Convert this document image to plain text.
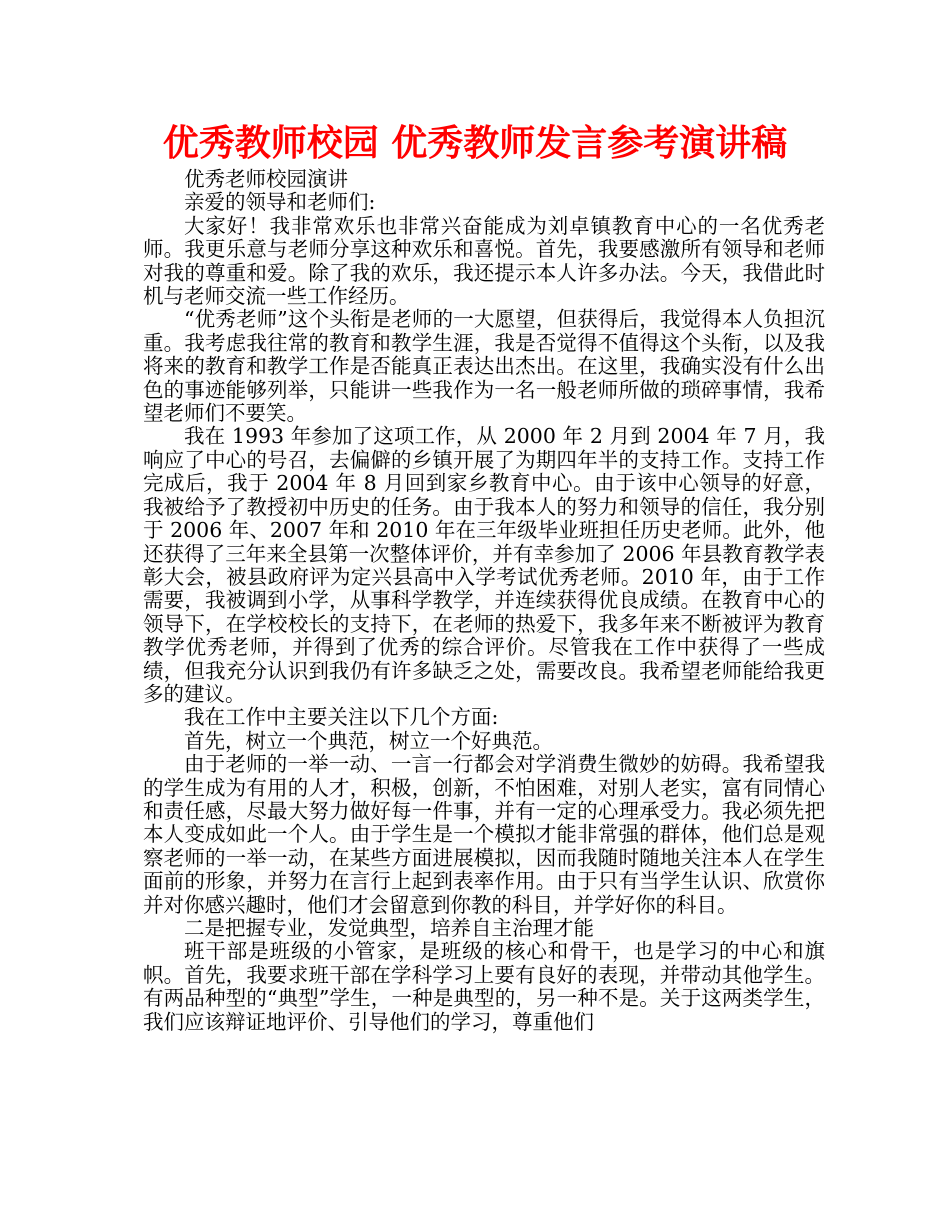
优秀教师校园 优秀教师发言参考演讲稿

优秀老师校园演讲

亲爱的领导和老师们:

大家好！我非常欢乐也非常兴奋能成为刘卓镇教育中心的一名优秀老师。我更乐意与老师分享这种欢乐和喜悦。首先，我要感激所有领导和老师对我的尊重和爱。除了我的欢乐，我还提示本人许多办法。今天，我借此时机与老师交流一些工作经历。

“优秀老师”这个头衔是老师的一大愿望，但获得后，我觉得本人负担沉重。我考虑我往常的教育和教学生涯，我是否觉得不值得这个头衔，以及我将来的教育和教学工作是否能真正表达出杰出。在这里，我确实没有什么出色的事迹能够列举，只能讲一些我作为一名一般老师所做的琐碎事情，我希望老师们不要笑。

我在 1993 年参加了这项工作，从 2000 年 2 月到 2004 年 7 月，我响应了中心的号召，去偏僻的乡镇开展了为期四年半的支持工作。支持工作完成后，我于 2004 年 8 月回到家乡教育中心。由于该中心领导的好意，我被给予了教授初中历史的任务。由于我本人的努力和领导的信任，我分别于 2006 年、2007 年和 2010 年在三年级毕业班担任历史老师。此外，他还获得了三年来全县第一次整体评价，并有幸参加了 2006 年县教育教学表彰大会，被县政府评为定兴县高中入学考试优秀老师。2010 年，由于工作需要，我被调到小学，从事科学教学，并连续获得优良成绩。在教育中心的领导下，在学校校长的支持下，在老师的热爱下，我多年来不断被评为教育教学优秀老师，并得到了优秀的综合评价。尽管我在工作中获得了一些成绩，但我充分认识到我仍有许多缺乏之处，需要改良。我希望老师能给我更多的建议。

我在工作中主要关注以下几个方面:

首先，树立一个典范，树立一个好典范。

由于老师的一举一动、一言一行都会对学消费生微妙的妨碍。我希望我的学生成为有用的人才，积极，创新，不怕困难，对别人老实，富有同情心和责任感，尽最大努力做好每一件事，并有一定的心理承受力。我必须先把本人变成如此一个人。由于学生是一个模拟才能非常强的群体，他们总是观察老师的一举一动，在某些方面进展模拟，因而我随时随地关注本人在学生面前的形象，并努力在言行上起到表率作用。由于只有当学生认识、欣赏你并对你感兴趣时，他们才会留意到你教的科目，并学好你的科目。

二是把握专业，发觉典型，培养自主治理才能

班干部是班级的小管家，是班级的核心和骨干，也是学习的中心和旗帜。首先，我要求班干部在学科学习上要有良好的表现，并带动其他学生。有两品种型的“典型”学生，一种是典型的，另一种不是。关于这两类学生，我们应该辩证地评价、引导他们的学习，尊重他们
